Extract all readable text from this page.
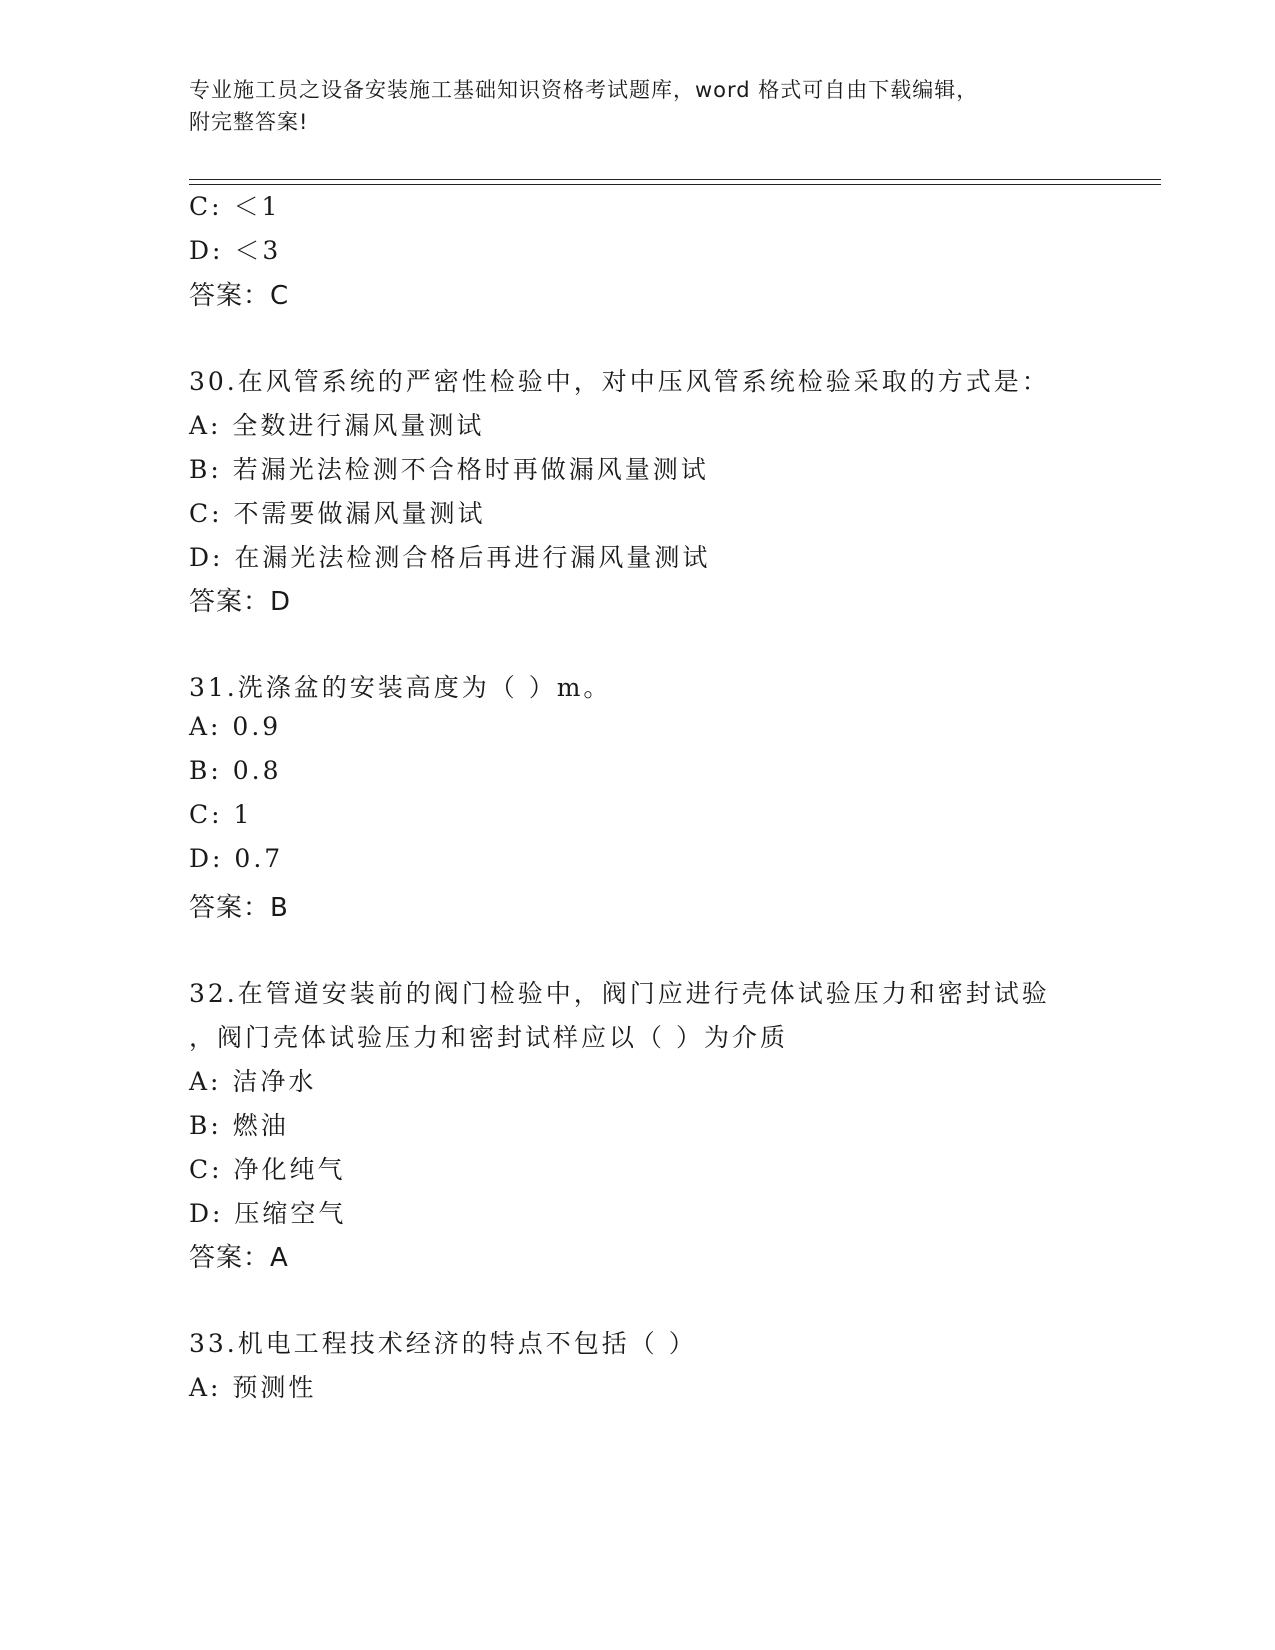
专业施工员之设备安装施工基础知识资格考试题库，word 格式可自由下载编辑，
附完整答案!
C: ＜1
D: ＜3
答案：C
30.在风管系统的严密性检验中，对中压风管系统检验采取的方式是：
A: 全数进行漏风量测试
B: 若漏光法检测不合格时再做漏风量测试
C: 不需要做漏风量测试
D: 在漏光法检测合格后再进行漏风量测试
答案：D
31.洗涤盆的安装高度为（ ）m。
A: 0.9
B: 0.8
C: 1
D: 0.7
答案：B
32.在管道安装前的阀门检验中，阀门应进行壳体试验压力和密封试验
，阀门壳体试验压力和密封试样应以（ ）为介质
A: 洁净水
B: 燃油
C: 净化纯气
D: 压缩空气
答案：A
33.机电工程技术经济的特点不包括（ ）
A: 预测性
